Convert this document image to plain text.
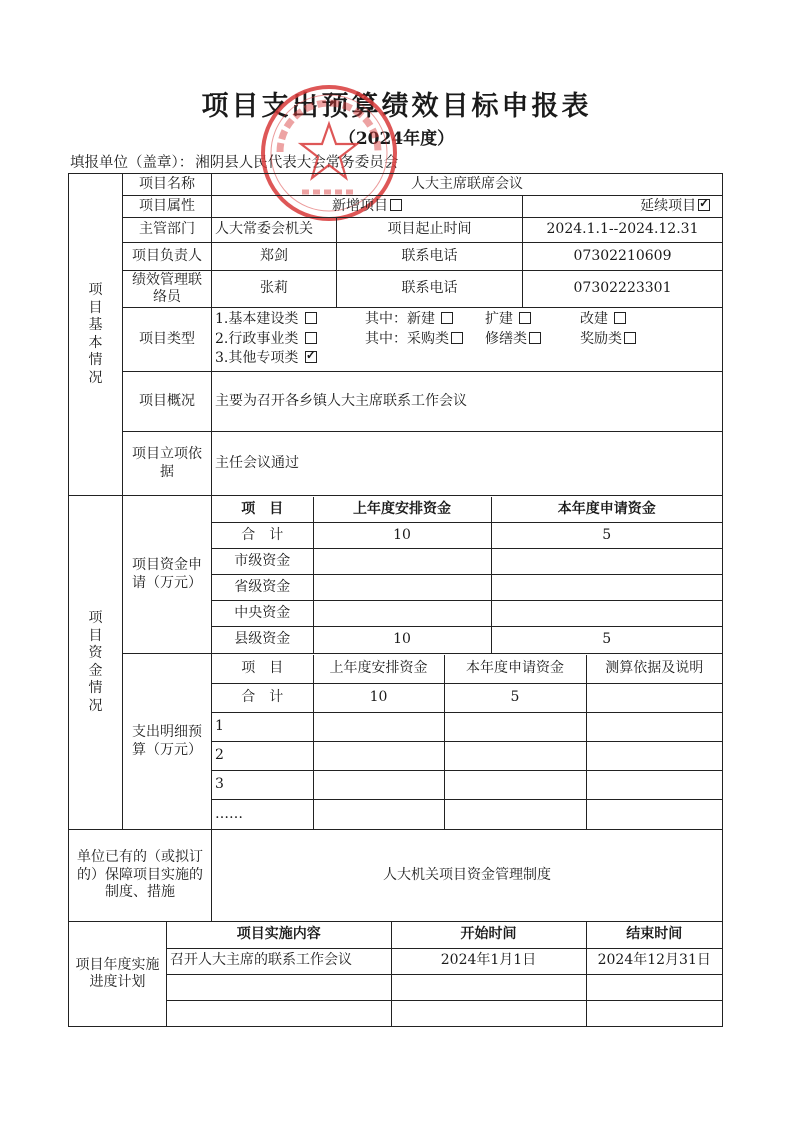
项目支出预算绩效目标申报表
（2024年度）
填报单位（盖章）： 湘阴县人民代表大会常务委员会
项
目
基
本
情
况
	项目名称	人大主席联席会议
项目属性	新增项目	延续项目✓
主管部门	人大常委会机关	项目起止时间	2024.1.1--2024.12.31
项目负责人	郑剑	联系电话	07302210609
绩效管理联络员	张莉	联系电话	07302223301
项目类型	
1.基本建设类	其中：新建	扩建	改建
2.行政事业类	其中：采购类	修缮类	奖励类
3.其他专项类 ✓

项目概况	主要为召开各乡镇人大主席联系工作会议
项目立项依据	主任会议通过

项
目
资
金
情
况
	项目资金申请（万元）	
项　目	上年度安排资金	本年度申请资金
合　计	10	5
市级资金		
省级资金		
中央资金		
县级资金	10	5

支出明细预算（万元）	
项　目	上年度安排资金	本年度申请资金	测算依据及说明
合　计	10	5	
1			
2			
3			
……			

单位已有的（或拟订的）保障项目实施的制度、措施	人大机关项目资金管理制度
项目年度实施进度计划	
项目实施内容	开始时间	结束时间
召开人大主席的联系工作会议	2024年1月1日	2024年12月31日
